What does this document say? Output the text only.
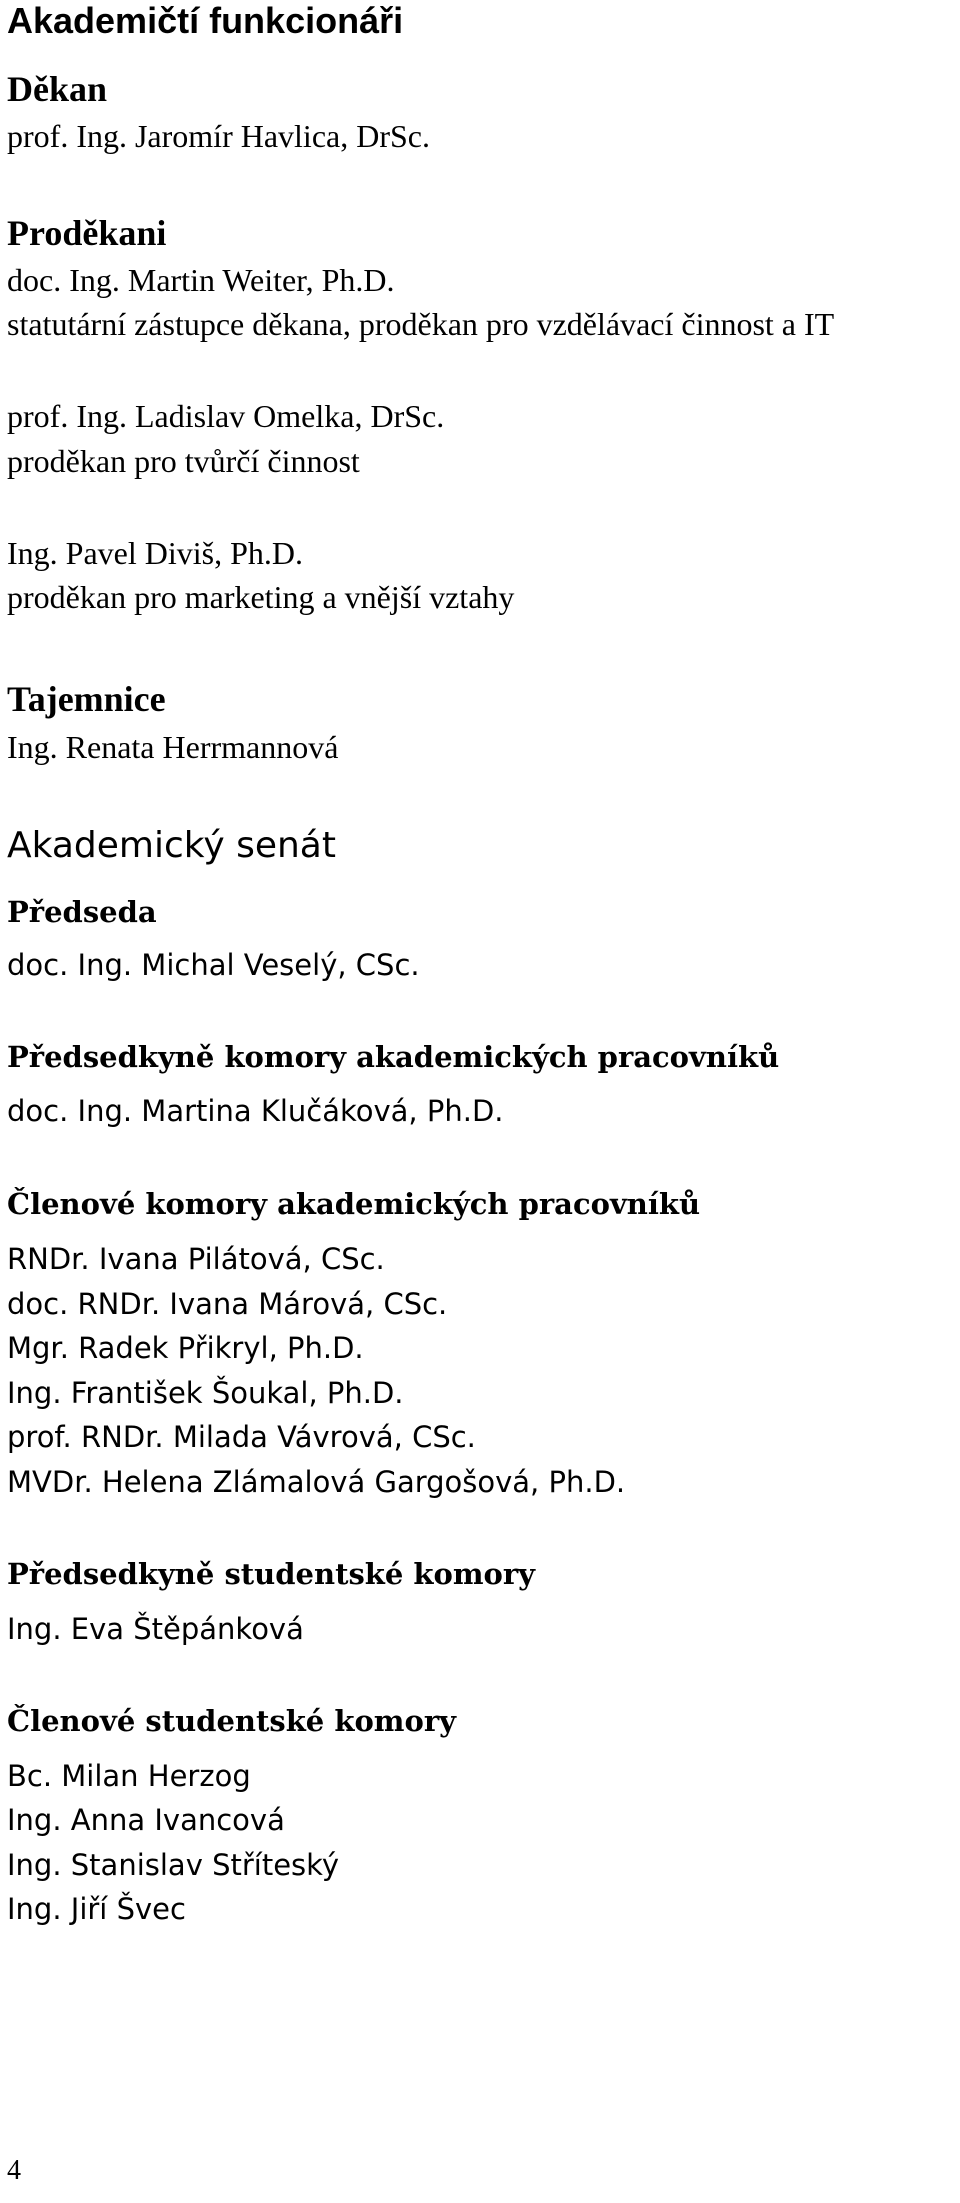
Akademičtí funkcionáři
Děkan
prof. Ing. Jaromír Havlica, DrSc.
Proděkani
doc. Ing. Martin Weiter, Ph.D.
statutární zástupce děkana, proděkan pro vzdělávací činnost a IT
prof. Ing. Ladislav Omelka, DrSc.
proděkan pro tvůrčí činnost
Ing. Pavel Diviš, Ph.D.
proděkan pro marketing a vnější vztahy
Tajemnice
Ing. Renata Herrmannová
Akademický senát
Předseda
doc. Ing. Michal Veselý, CSc.
Předsedkyně komory akademických pracovníků
doc. Ing. Martina Klučáková, Ph.D.
Členové komory akademických pracovníků
RNDr. Ivana Pilátová, CSc.
doc. RNDr. Ivana Márová, CSc.
Mgr. Radek Přikryl, Ph.D.
Ing. František Šoukal, Ph.D.
prof. RNDr. Milada Vávrová, CSc.
MVDr. Helena Zlámalová Gargošová, Ph.D.
Předsedkyně studentské komory
Ing. Eva Štěpánková
Členové studentské komory
Bc. Milan Herzog
Ing. Anna Ivancová
Ing. Stanislav Stříteský
Ing. Jiří Švec
4
